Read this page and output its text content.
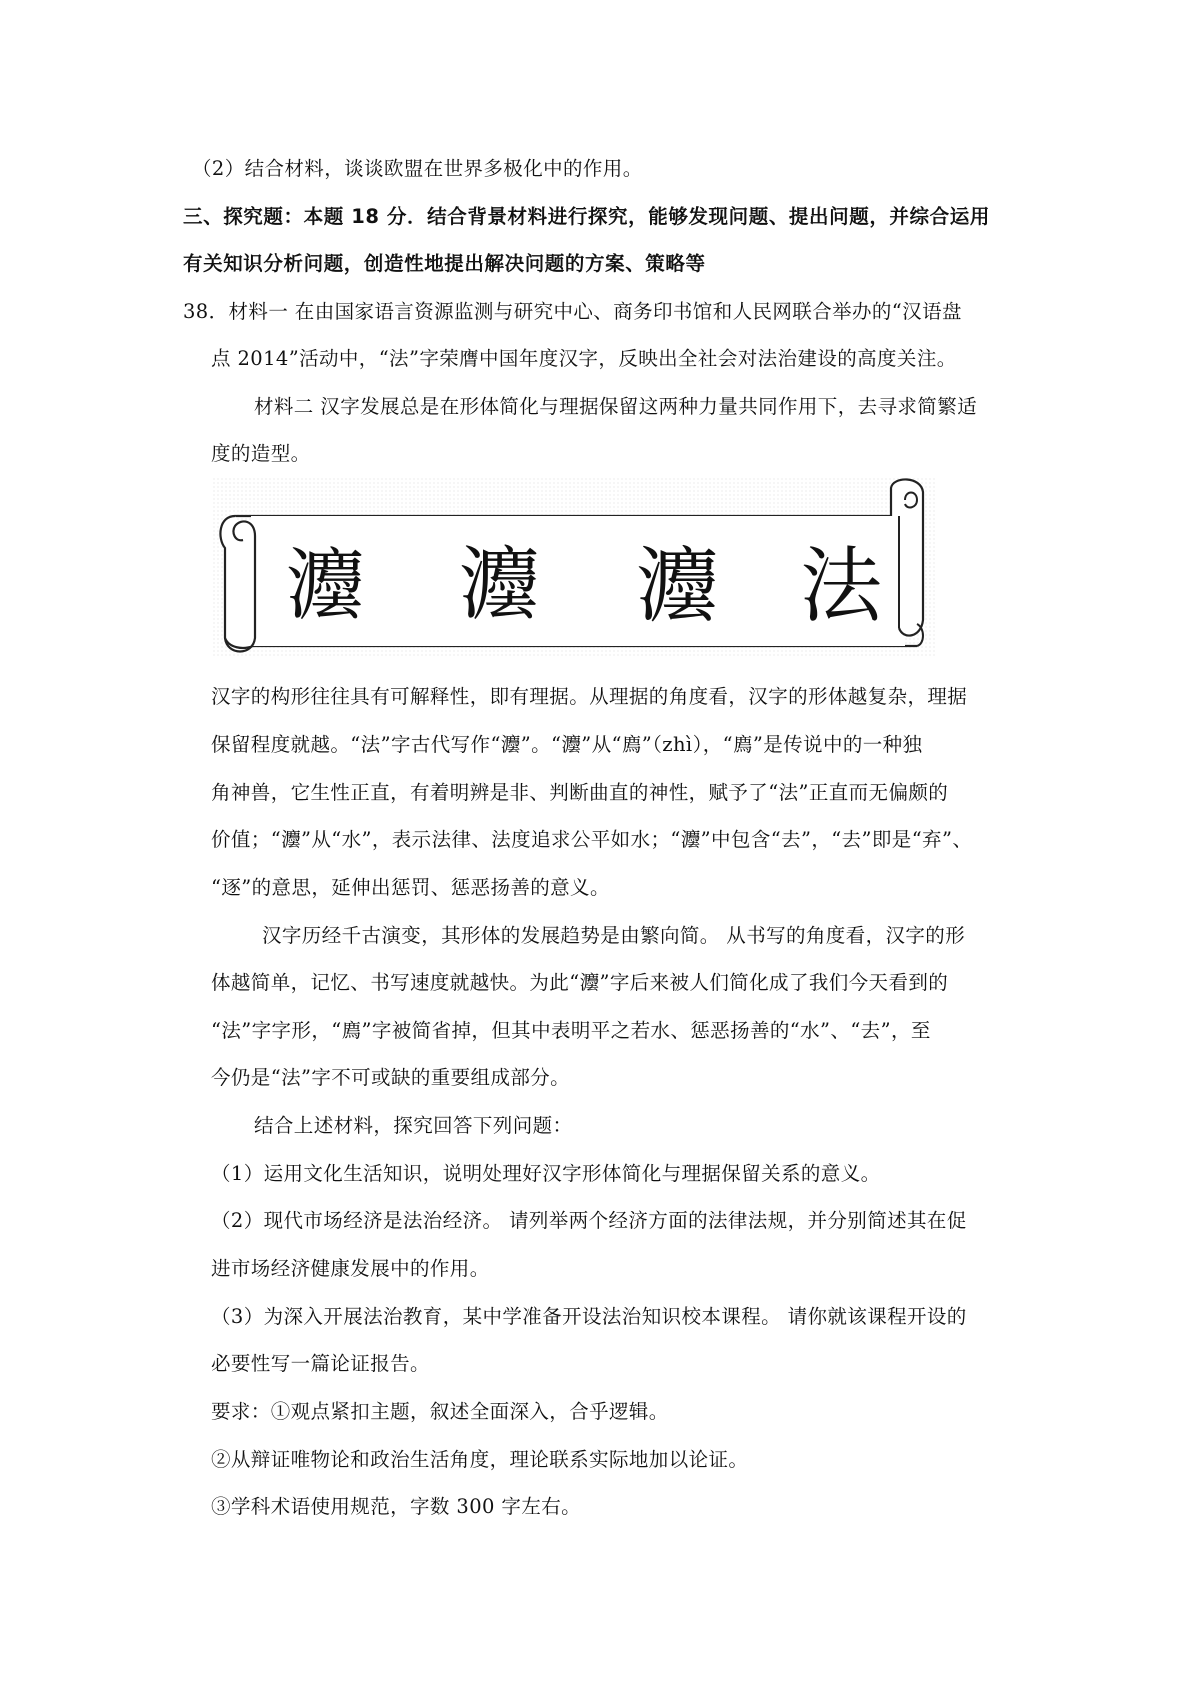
（2）结合材料，谈谈欧盟在世界多极化中的作用。
三、探究题：本题 18 分．结合背景材料进行探究，能够发现问题、提出问题，并综合运用
有关知识分析问题，创造性地提出解决问题的方案、策略等
38．材料一 在由国家语言资源监测与研究中心、商务印书馆和人民网联合举办的“汉语盘
点 2014”活动中，“法”字荣膺中国年度汉字，反映出全社会对法治建设的高度关注。
材料二 汉字发展总是在形体简化与理据保留这两种力量共同作用下，去寻求简繁适
度的造型。
灋 灋 灋 法
汉字的构形往往具有可解释性，即有理据。从理据的角度看，汉字的形体越复杂，理据
保留程度就越。“法”字古代写作“灋”。“灋”从“廌”（zhì），“廌”是传说中的一种独
角神兽，它生性正直，有着明辨是非、判断曲直的神性，赋予了“法”正直而无偏颇的
价值；“灋”从“水”，表示法律、法度追求公平如水；“灋”中包含“去”，“去”即是“弃”、
“逐”的意思，延伸出惩罚、惩恶扬善的意义。
汉字历经千古演变，其形体的发展趋势是由繁向简。 从书写的角度看，汉字的形
体越简单，记忆、书写速度就越快。为此“灋”字后来被人们简化成了我们今天看到的
“法”字字形，“廌”字被简省掉，但其中表明平之若水、惩恶扬善的“水”、“去”，至
今仍是“法”字不可或缺的重要组成部分。
结合上述材料，探究回答下列问题：
（1）运用文化生活知识，说明处理好汉字形体简化与理据保留关系的意义。
（2）现代市场经济是法治经济。 请列举两个经济方面的法律法规，并分别简述其在促
进市场经济健康发展中的作用。
（3）为深入开展法治教育，某中学准备开设法治知识校本课程。 请你就该课程开设的
必要性写一篇论证报告。
要求：①观点紧扣主题，叙述全面深入，合乎逻辑。
②从辩证唯物论和政治生活角度，理论联系实际地加以论证。
③学科术语使用规范，字数 300 字左右。
